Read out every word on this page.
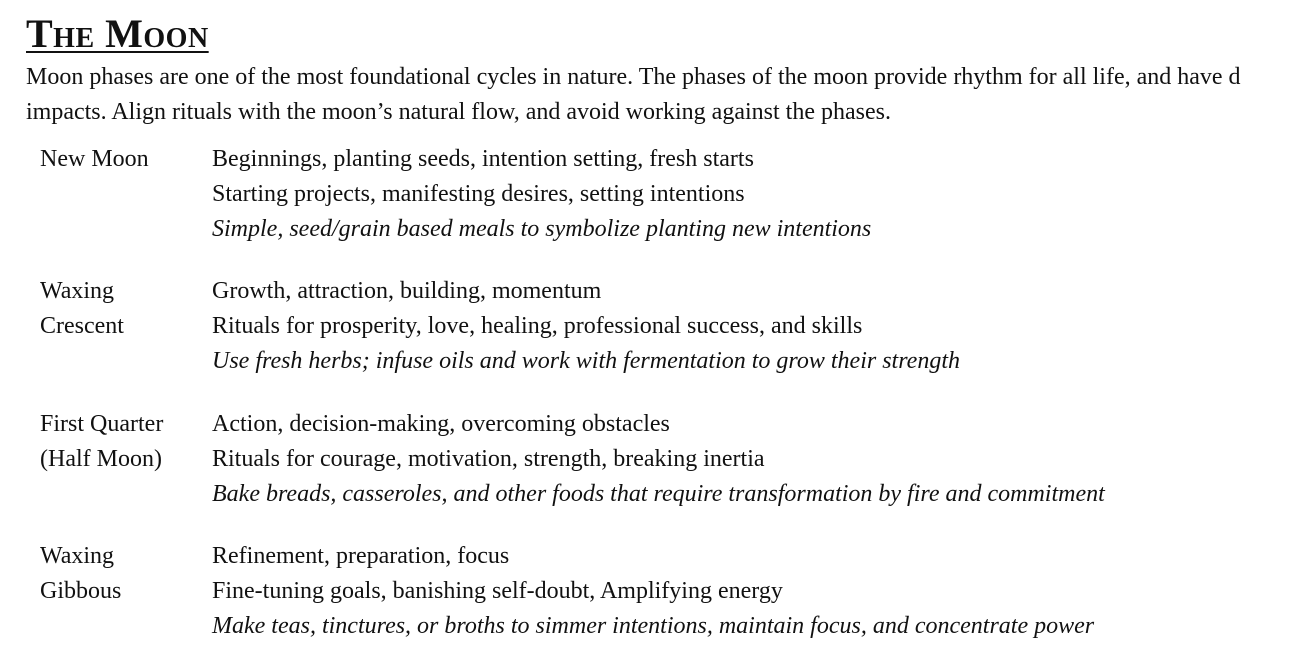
The Moon

Moon phases are one of the most foundational cycles in nature. The phases of the moon provide rhythm for all life, and have d
impacts. Align rituals with the moon’s natural flow, and avoid working against the phases.

New Moon	Beginnings, planting seeds, intention setting, fresh starts
Starting projects, manifesting desires, setting intentions
Simple, seed/grain based meals to symbolize planting new intentions
Waxing
Crescent
Growth, attraction, building, momentum
Rituals for prosperity, love, healing, professional success, and skills
Use fresh herbs; infuse oils and work with fermentation to grow their strength
First Quarter
(Half Moon)
Action, decision-making, overcoming obstacles
Rituals for courage, motivation, strength, breaking inertia
Bake breads, casseroles, and other foods that require transformation by fire and commitment
Waxing
Gibbous
Refinement, preparation, focus
Fine-tuning goals, banishing self-doubt, Amplifying energy
Make teas, tinctures, or broths to simmer intentions, maintain focus, and concentrate power
